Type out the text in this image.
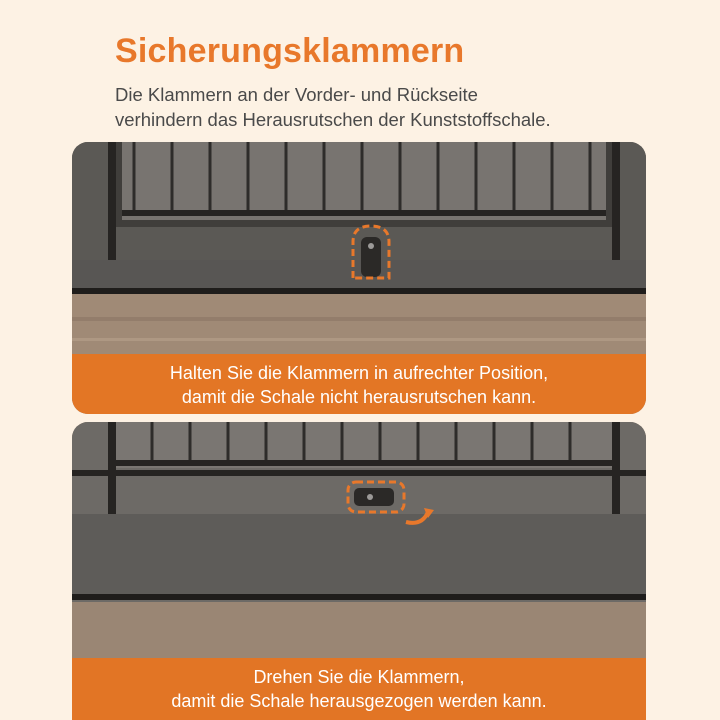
Sicherungsklammern
Die Klammern an der Vorder- und Rückseite
verhindern das Herausrutschen der Kunststoffschale.
Halten Sie die Klammern in aufrechter Position,
damit die Schale nicht herausrutschen kann.
Drehen Sie die Klammern,
damit die Schale herausgezogen werden kann.
